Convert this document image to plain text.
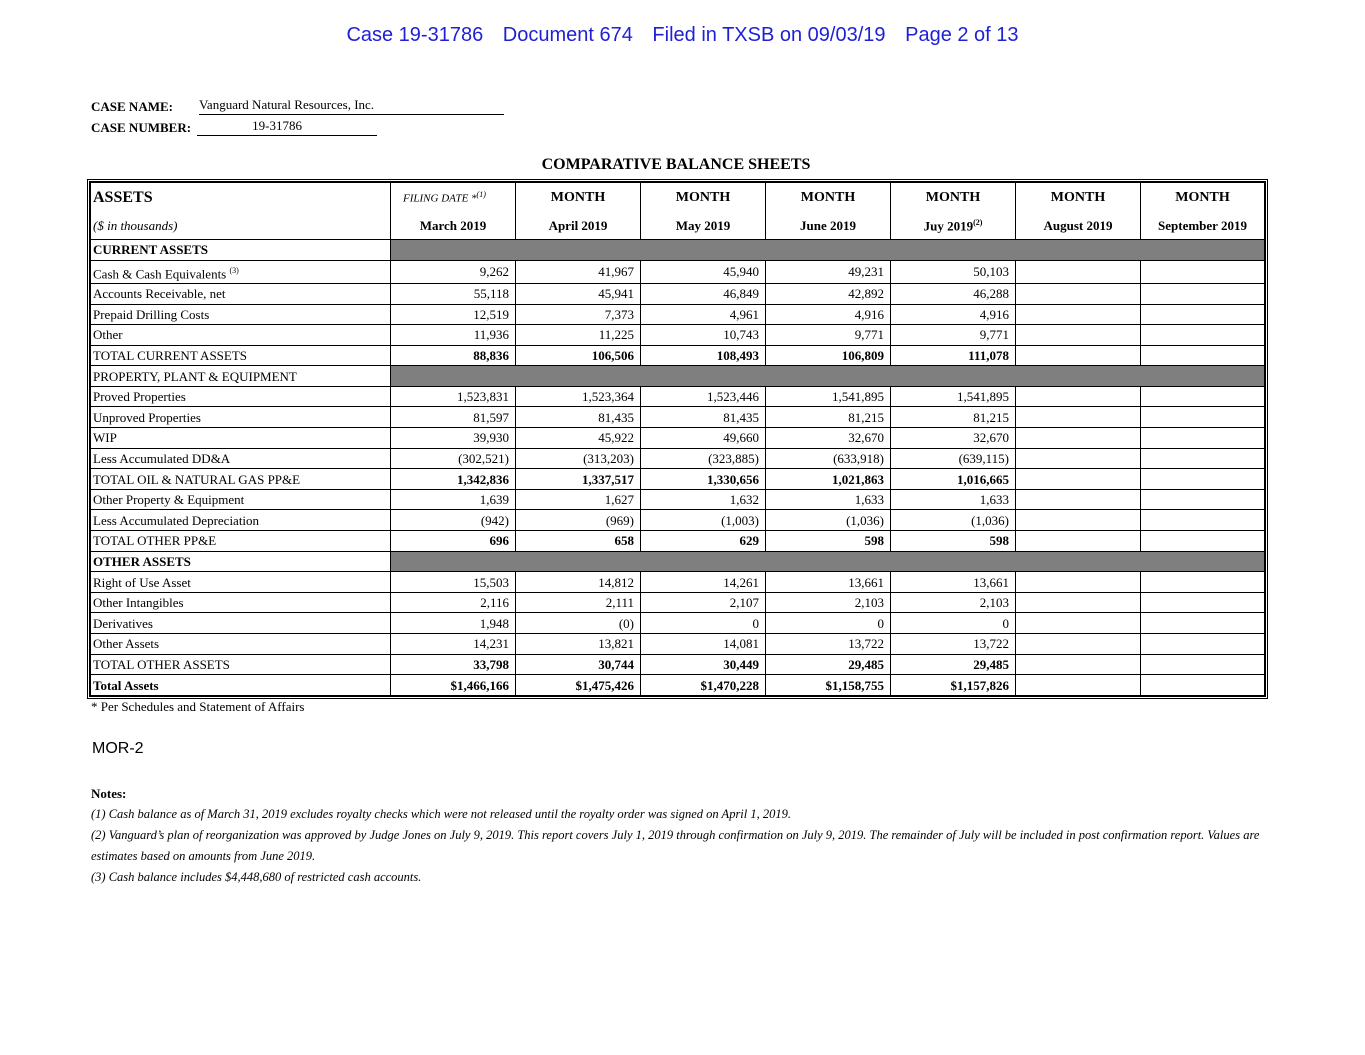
Case 19-31786 Document 674 Filed in TXSB on 09/03/19 Page 2 of 13
CASE NAME: Vanguard Natural Resources, Inc.
CASE NUMBER:	19-31786
COMPARATIVE BALANCE SHEETS
ASSETS	FILING DATE *$^{(1)}$	MONTH	MONTH	MONTH	MONTH	MONTH	MONTH
($ in thousands)	March 2019	April 2019	May 2019	June 2019	Juy 2019$^{(2)}$	August 2019	September 2019
CURRENT ASSETS							
Cash & Cash Equivalents $^{(3)}$	9,262	41,967	45,940	49,231	50,103		
Accounts Receivable, net	55,118	45,941	46,849	42,892	46,288		
Prepaid Drilling Costs	12,519	7,373	4,961	4,916	4,916		
Other	11,936	11,225	10,743	9,771	9,771		
TOTAL CURRENT ASSETS	88,836	106,506	108,493	106,809	111,078		
PROPERTY, PLANT & EQUIPMENT							
Proved Properties	1,523,831	1,523,364	1,523,446	1,541,895	1,541,895		
Unproved Properties	81,597	81,435	81,435	81,215	81,215		
WIP	39,930	45,922	49,660	32,670	32,670		
Less Accumulated DD&A	(302,521)	(313,203)	(323,885)	(633,918)	(639,115)		
TOTAL OIL & NATURAL GAS PP&E	1,342,836	1,337,517	1,330,656	1,021,863	1,016,665		
Other Property & Equipment	1,639	1,627	1,632	1,633	1,633		
Less Accumulated Depreciation	(942)	(969)	(1,003)	(1,036)	(1,036)		
TOTAL OTHER PP&E	696	658	629	598	598		
OTHER ASSETS							
Right of Use Asset	15,503	14,812	14,261	13,661	13,661		
Other Intangibles	2,116	2,111	2,107	2,103	2,103		
Derivatives	1,948	(0)	0	0	0		
Other Assets	14,231	13,821	14,081	13,722	13,722		
TOTAL OTHER ASSETS	33,798	30,744	30,449	29,485	29,485		
Total Assets	$1,466,166	$1,475,426	$1,470,228	$1,158,755	$1,157,826		
* Per Schedules and Statement of Affairs
MOR-2
Notes:
(1) Cash balance as of March 31, 2019 excludes royalty checks which were not released until the royalty order was signed on April 1, 2019.
(2) Vanguard’s plan of reorganization was approved by Judge Jones on July 9, 2019. This report covers July 1, 2019 through confirmation on July 9, 2019. The remainder of July will be included in post confirmation report. Values are estimates based on amounts from June 2019.
(3) Cash balance includes $4,448,680 of restricted cash accounts.
